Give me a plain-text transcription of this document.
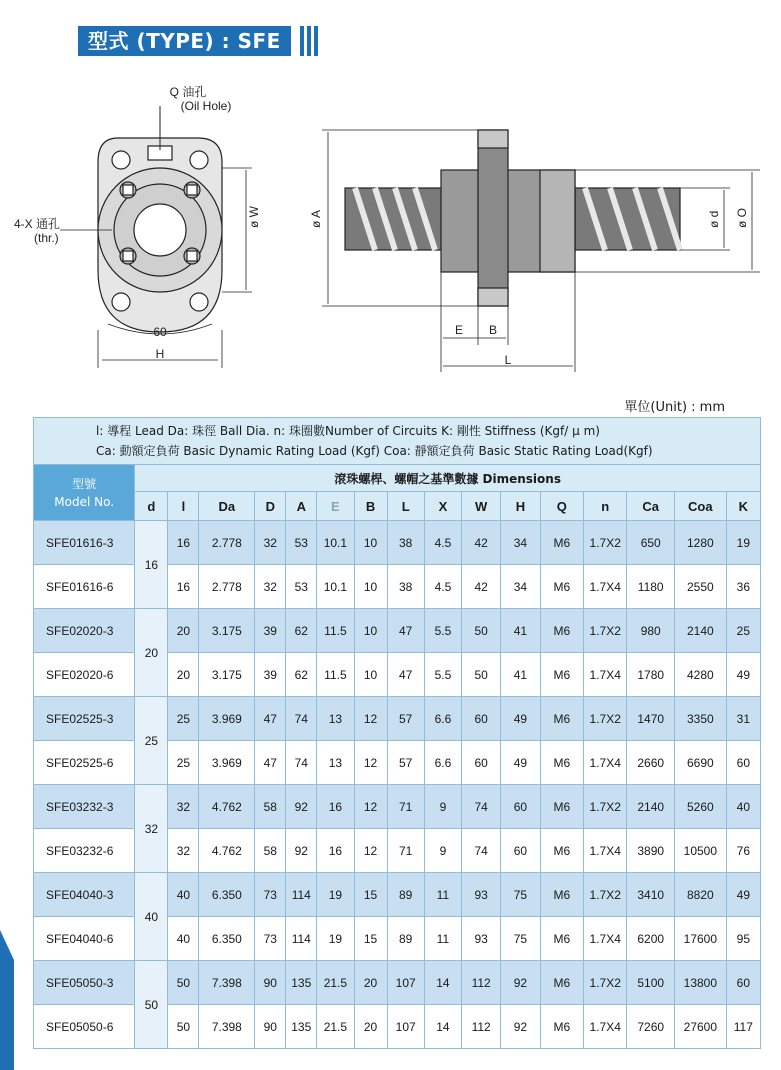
型式 (TYPE) : SFE
Q 油孔
(Oil Hole)
4-X 通孔
(thr.)
ø W
60
H
ø A	ø d ø O
E B
L
單位(Unit) : mm
l: 導程 Lead Da: 珠徑 Ball Dia. n: 珠圈數Number of Circuits K: 剛性 Stiffness (Kgf/ µ m)
Ca: 動額定負荷 Basic Dynamic Rating Load (Kgf) Coa: 靜額定負荷 Basic Static Rating Load(Kgf)																

型號
Model No.	滾珠螺桿、螺帽之基準數據 Dimensions															
	d	l	Da	D	A	E	B	L	X	W	H	Q	n	Ca	Coa	K
SFE01616-3	16	16	2.778	32	53	10.1	10	38	4.5	42	34	M6	1.7X2	650	1280	19
SFE01616-6		16	2.778	32	53	10.1	10	38	4.5	42	34	M6	1.7X4	1180	2550	36
SFE02020-3	20	20	3.175	39	62	11.5	10	47	5.5	50	41	M6	1.7X2	980	2140	25
SFE02020-6		20	3.175	39	62	11.5	10	47	5.5	50	41	M6	1.7X4	1780	4280	49
SFE02525-3	25	25	3.969	47	74	13	12	57	6.6	60	49	M6	1.7X2	1470	3350	31
SFE02525-6		25	3.969	47	74	13	12	57	6.6	60	49	M6	1.7X4	2660	6690	60
SFE03232-3	32	32	4.762	58	92	16	12	71	9	74	60	M6	1.7X2	2140	5260	40
SFE03232-6		32	4.762	58	92	16	12	71	9	74	60	M6	1.7X4	3890	10500	76
SFE04040-3	40	40	6.350	73	114	19	15	89	11	93	75	M6	1.7X2	3410	8820	49
SFE04040-6		40	6.350	73	114	19	15	89	11	93	75	M6	1.7X4	6200	17600	95
SFE05050-3	50	50	7.398	90	135	21.5	20	107	14	112	92	M6	1.7X2	5100	13800	60
SFE05050-6		50	7.398	90	135	21.5	20	107	14	112	92	M6	1.7X4	7260	27600	117
